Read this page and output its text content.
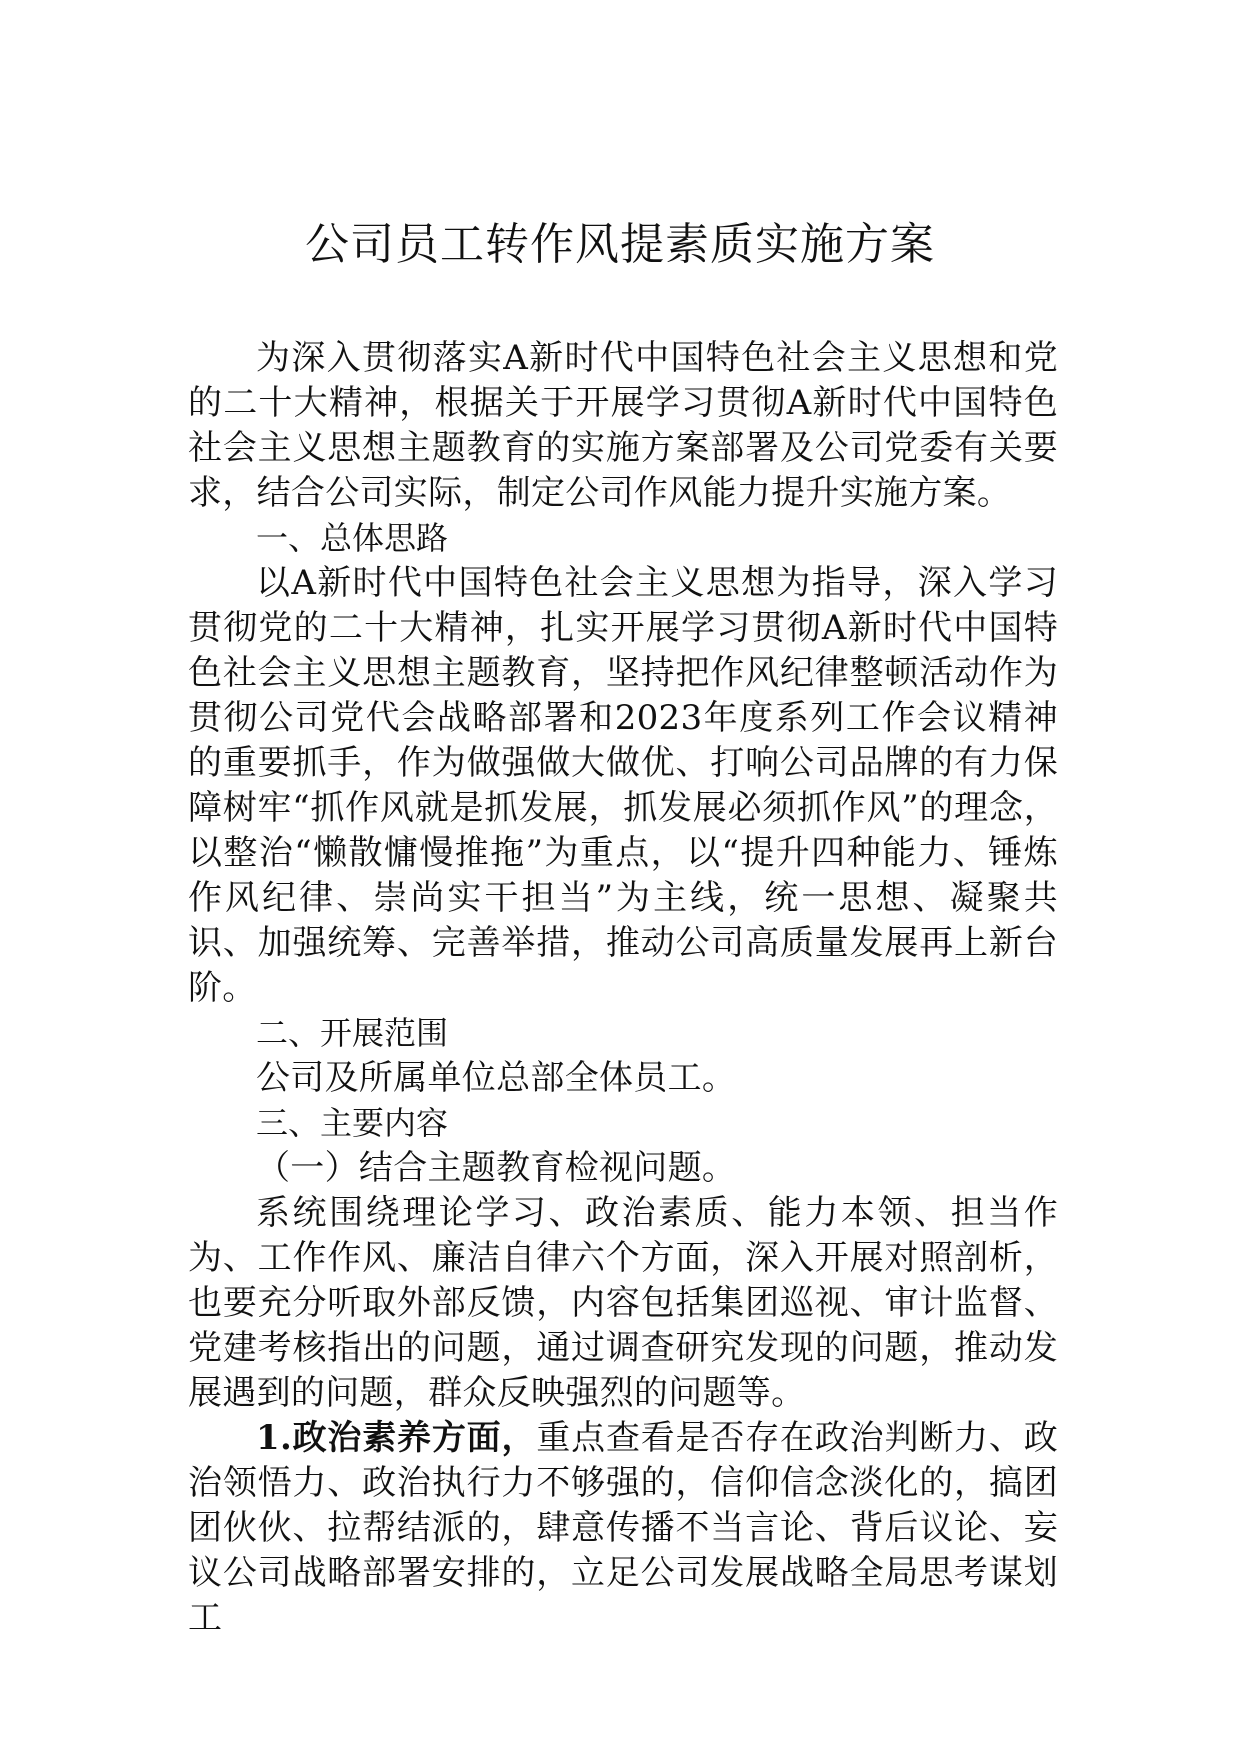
公司员工转作风提素质实施方案

为深入贯彻落实A新时代中国特色社会主义思想和党的二十大精神，根据关于开展学习贯彻A新时代中国特色社会主义思想主题教育的实施方案部署及公司党委有关要求，结合公司实际，制定公司作风能力提升实施方案。

一、总体思路

以A新时代中国特色社会主义思想为指导，深入学习贯彻党的二十大精神，扎实开展学习贯彻A新时代中国特色社会主义思想主题教育，坚持把作风纪律整顿活动作为贯彻公司党代会战略部署和2023年度系列工作会议精神的重要抓手，作为做强做大做优、打响公司品牌的有力保障树牢“抓作风就是抓发展，抓发展必须抓作风”的理念，以整治“懒散慵慢推拖”为重点，以“提升四种能力、锤炼作风纪律、崇尚实干担当”为主线，统一思想、凝聚共识、加强统筹、完善举措，推动公司高质量发展再上新台阶。

二、开展范围

公司及所属单位总部全体员工。

三、主要内容

（一）结合主题教育检视问题。

系统围绕理论学习、政治素质、能力本领、担当作为、工作作风、廉洁自律六个方面，深入开展对照剖析，也要充分听取外部反馈，内容包括集团巡视、审计监督、党建考核指出的问题，通过调查研究发现的问题，推动发展遇到的问题，群众反映强烈的问题等。

1.政治素养方面，重点查看是否存在政治判断力、政治领悟力、政治执行力不够强的，信仰信念淡化的，搞团团伙伙、拉帮结派的，肆意传播不当言论、背后议论、妄议公司战略部署安排的，立足公司发展战略全局思考谋划工
